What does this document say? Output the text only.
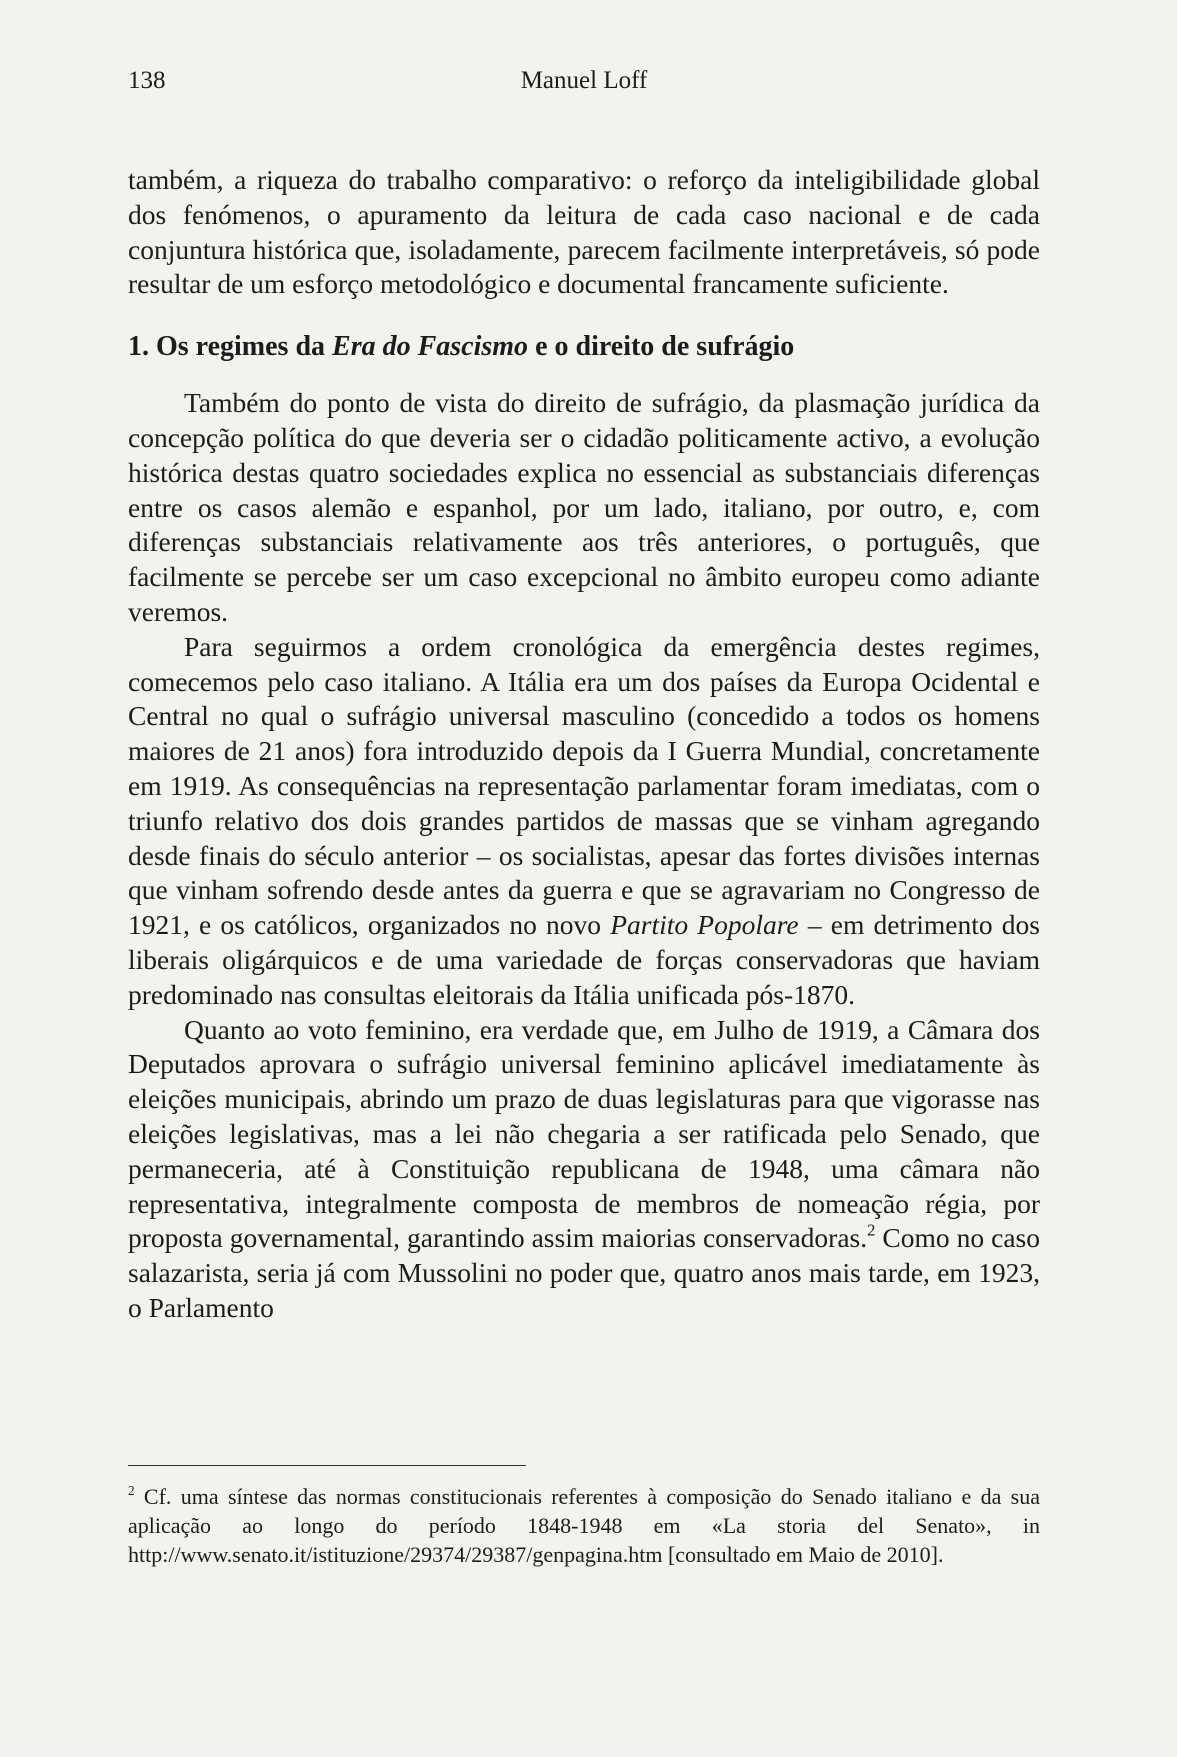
138	Manuel Loff

também, a riqueza do trabalho comparativo: o reforço da inteligibilidade global dos fenómenos, o apuramento da leitura de cada caso nacional e de cada conjuntura histórica que, isoladamente, parecem facilmente interpretáveis, só pode resultar de um esforço metodológico e documental francamente suficiente.

1. Os regimes da Era do Fascismo e o direito de sufrágio

Também do ponto de vista do direito de sufrágio, da plasmação jurídica da concepção política do que deveria ser o cidadão politicamente activo, a evolução histórica destas quatro sociedades explica no essencial as substanciais diferenças entre os casos alemão e espanhol, por um lado, italiano, por outro, e, com diferenças substanciais relativamente aos três anteriores, o português, que facilmente se percebe ser um caso excepcional no âmbito europeu como adiante veremos.

Para seguirmos a ordem cronológica da emergência destes regimes, comecemos pelo caso italiano. A Itália era um dos países da Europa Ocidental e Central no qual o sufrágio universal masculino (concedido a todos os homens maiores de 21 anos) fora introduzido depois da I Guerra Mundial, concretamente em 1919. As consequências na representação parlamentar foram imediatas, com o triunfo relativo dos dois grandes partidos de massas que se vinham agregando desde finais do século anterior – os socialistas, apesar das fortes divisões internas que vinham sofrendo desde antes da guerra e que se agravariam no Congresso de 1921, e os católicos, organizados no novo Partito Popolare – em detrimento dos liberais oligárquicos e de uma variedade de forças conservadoras que haviam predominado nas consultas eleitorais da Itália unificada pós-1870.

Quanto ao voto feminino, era verdade que, em Julho de 1919, a Câmara dos Deputados aprovara o sufrágio universal feminino aplicável imediatamente às eleições municipais, abrindo um prazo de duas legislaturas para que vigorasse nas eleições legislativas, mas a lei não chegaria a ser ratificada pelo Senado, que permaneceria, até à Constituição republicana de 1948, uma câmara não representativa, integralmente composta de membros de nomeação régia, por proposta governamental, garantindo assim maiorias conservadoras.$^2$ Como no caso salazarista, seria já com Mussolini no poder que, quatro anos mais tarde, em 1923, o Parlamento

$^2$ Cf. uma síntese das normas constitucionais referentes à composição do Senado italiano e da sua aplicação ao longo do período 1848-1948 em «La storia del Senato», in http://www.senato.it/istituzione/29374/29387/genpagina.htm [consultado em Maio de 2010].
